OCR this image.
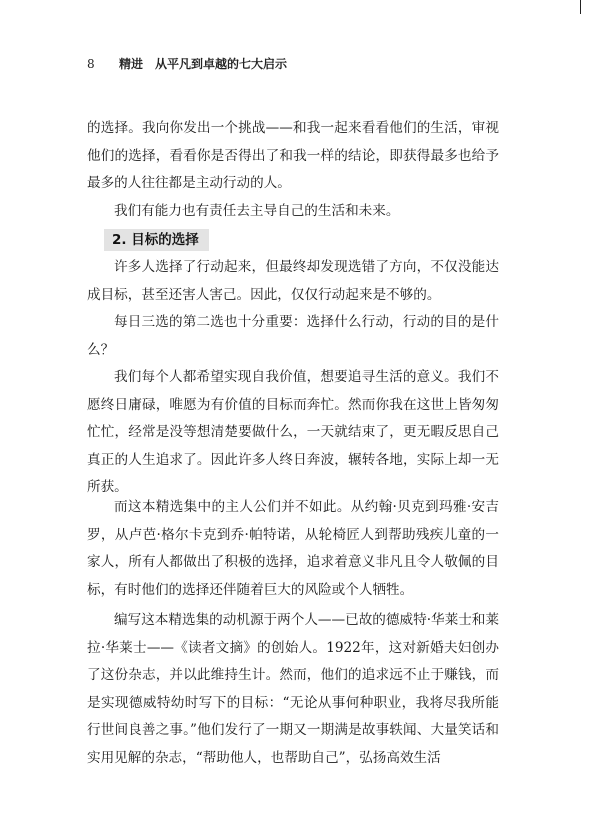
8 精进　从平凡到卓越的七大启示

的选择。我向你发出一个挑战——和我一起来看看他们的生活，审视他们的选择，看看你是否得出了和我一样的结论，即获得最多也给予最多的人往往都是主动行动的人。

我们有能力也有责任去主导自己的生活和未来。

2. 目标的选择

许多人选择了行动起来，但最终却发现选错了方向，不仅没能达成目标，甚至还害人害己。因此，仅仅行动起来是不够的。

每日三选的第二选也十分重要：选择什么行动，行动的目的是什么？

我们每个人都希望实现自我价值，想要追寻生活的意义。我们不愿终日庸碌，唯愿为有价值的目标而奔忙。然而你我在这世上皆匆匆忙忙，经常是没等想清楚要做什么，一天就结束了，更无暇反思自己真正的人生追求了。因此许多人终日奔波，辗转各地，实际上却一无所获。

而这本精选集中的主人公们并不如此。从约翰·贝克到玛雅·安吉罗，从卢芭·格尔卡克到乔·帕特诺，从轮椅匠人到帮助残疾儿童的一家人，所有人都做出了积极的选择，追求着意义非凡且令人敬佩的目标，有时他们的选择还伴随着巨大的风险或个人牺牲。

编写这本精选集的动机源于两个人——已故的德威特·华莱士和莱拉·华莱士——《读者文摘》的创始人。1922年，这对新婚夫妇创办了这份杂志，并以此维持生计。然而，他们的追求远不止于赚钱，而是实现德威特幼时写下的目标：“无论从事何种职业，我将尽我所能行世间良善之事。”他们发行了一期又一期满是故事轶闻、大量笑话和实用见解的杂志，“帮助他人，也帮助自己”，弘扬高效生活
